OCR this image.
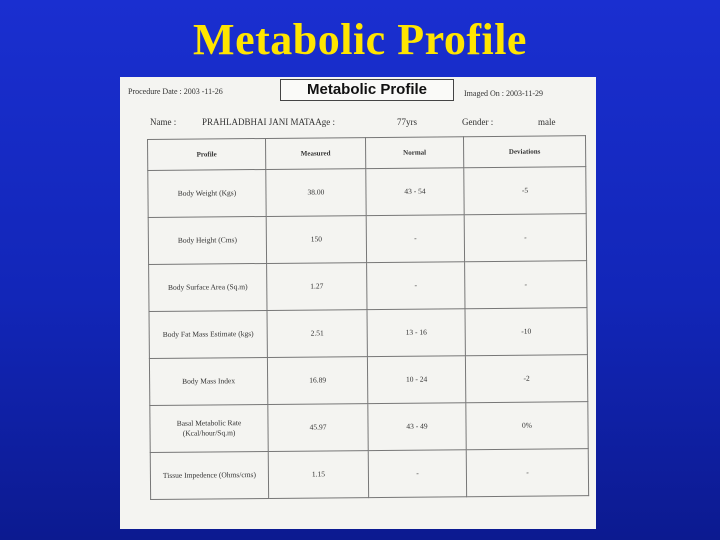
Metabolic Profile
Procedure Date : 2003 -11-26	Metabolic Profile	Imaged On : 2003-11-29
Name :	PRAHLADBHAI JANI MATAAge :	77yrs	Gender :	male
Profile	Measured	Normal	Deviations
Body Weight (Kgs)	38.00	43 - 54	-5
Body Height (Cms)	150	-	-
Body Surface Area (Sq.m)	1.27	-	-
Body Fat Mass Estimate (kgs)	2.51	13 - 16	-10
Body Mass Index	16.89	10 - 24	-2
Basal Metabolic Rate (Kcal/hour/Sq.m)	45.97	43 - 49	0%
Tissue Impedence (Ohms/cms)	1.15	-	-
